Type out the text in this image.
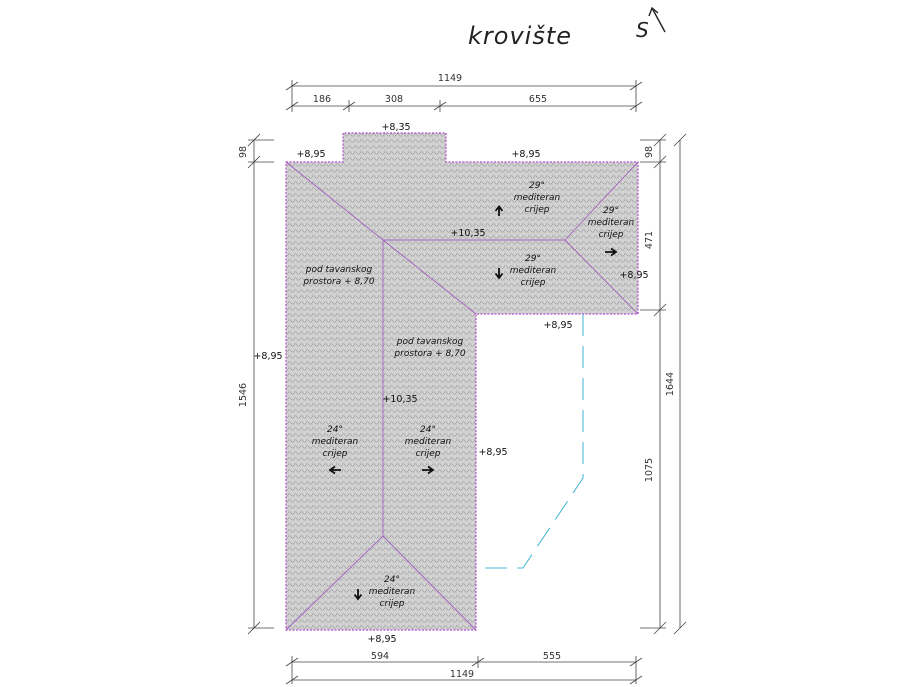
krovište	S
1149
186	308	655
594	555
1149
98
1546
98
471
1075
1644
+8,35
+8,95	+8,95
+10,35
+8,95
+8,95
+8,95
+10,35
+8,95
+8,95
29°
mediteran
crijep
29°
mediteran
crijep
29°
mediteran
crijep
pod tavanskog
prostora + 8,70
pod tavanskog
prostora + 8,70
24°
mediteran
crijep
24°
mediteran
crijep
24°
mediteran
crijep
